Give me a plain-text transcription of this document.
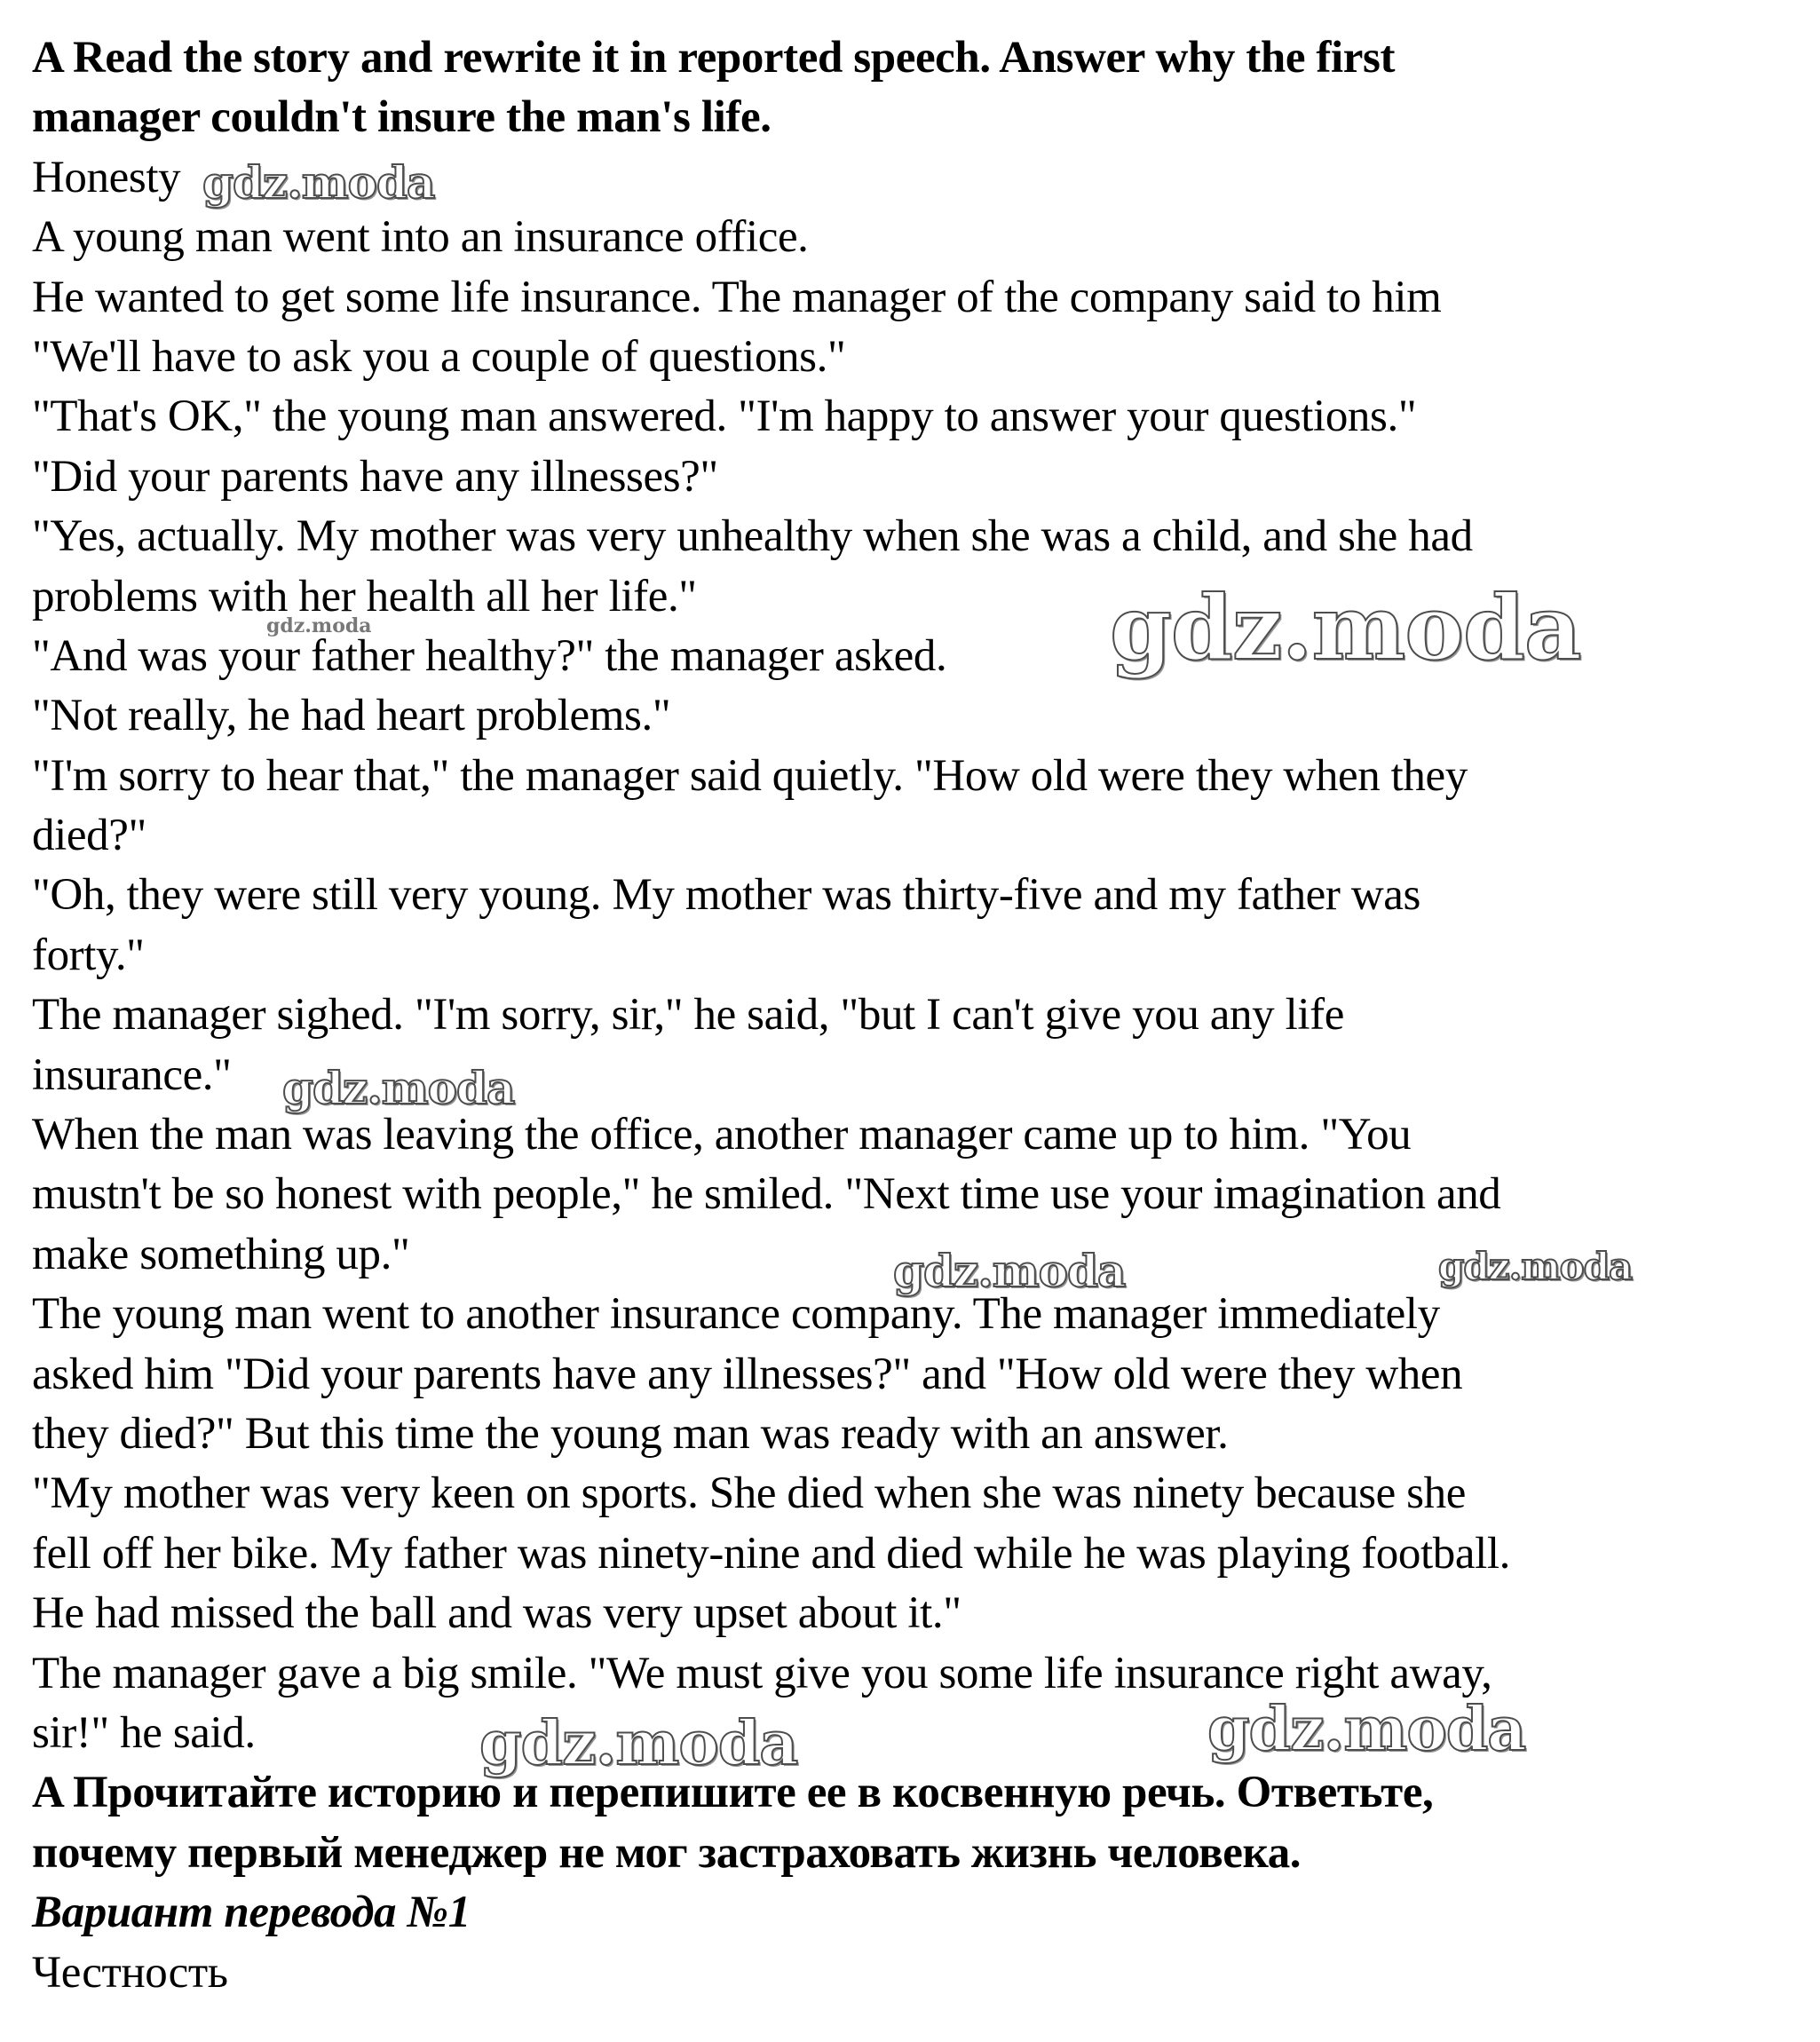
A Read the story and rewrite it in reported speech. Answer why the first
manager couldn't insure the man's life.
Honesty
A young man went into an insurance office.
He wanted to get some life insurance. The manager of the company said to him
"We'll have to ask you a couple of questions."
"That's OK," the young man answered. "I'm happy to answer your questions."
"Did your parents have any illnesses?"
"Yes, actually. My mother was very unhealthy when she was a child, and she had
problems with her health all her life."
"And was your father healthy?" the manager asked.
"Not really, he had heart problems."
"I'm sorry to hear that," the manager said quietly. "How old were they when they
died?"
"Oh, they were still very young. My mother was thirty-five and my father was
forty."
The manager sighed. "I'm sorry, sir," he said, "but I can't give you any life
insurance."
When the man was leaving the office, another manager came up to him. "You
mustn't be so honest with people," he smiled. "Next time use your imagination and
make something up."
The young man went to another insurance company. The manager immediately
asked him "Did your parents have any illnesses?" and "How old were they when
they died?" But this time the young man was ready with an answer.
"My mother was very keen on sports. She died when she was ninety because she
fell off her bike. My father was ninety-nine and died while he was playing football.
He had missed the ball and was very upset about it."
The manager gave a big smile. "We must give you some life insurance right away,
sir!" he said.
A Прочитайте историю и перепишите ее в косвенную речь. Ответьте,
почему первый менеджер не мог застраховать жизнь человека.
Вариант перевода №1
Честность
gdz.moda
gdz.moda
gdz.moda
gdz.moda
gdz.moda	gdz.moda
gdz.moda	gdz.moda
